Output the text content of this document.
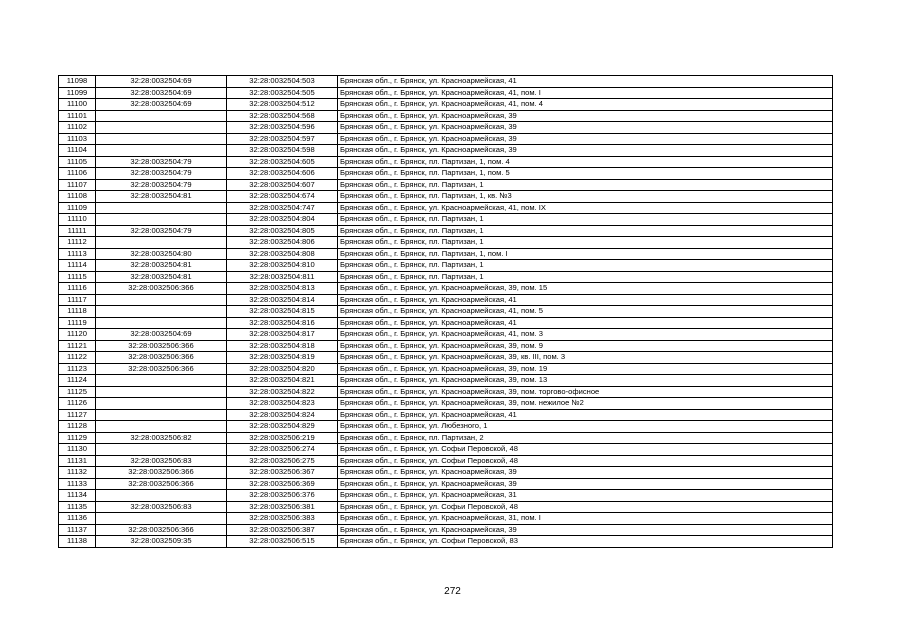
11098	32:28:0032504:69	32:28:0032504:503	Брянская обл., г. Брянск, ул. Красноармейская, 41
11099	32:28:0032504:69	32:28:0032504:505	Брянская обл., г. Брянск, ул. Красноармейская, 41, пом. I
11100	32:28:0032504:69	32:28:0032504:512	Брянская обл., г. Брянск, ул. Красноармейская, 41, пом. 4
11101		32:28:0032504:568	Брянская обл., г. Брянск, ул. Красноармейская, 39
11102		32:28:0032504:596	Брянская обл., г. Брянск, ул. Красноармейская, 39
11103		32:28:0032504:597	Брянская обл., г. Брянск, ул. Красноармейская, 39
11104		32:28:0032504:598	Брянская обл., г. Брянск, ул. Красноармейская, 39
11105	32:28:0032504:79	32:28:0032504:605	Брянская обл., г. Брянск, пл. Партизан, 1, пом. 4
11106	32:28:0032504:79	32:28:0032504:606	Брянская обл., г. Брянск, пл. Партизан, 1, пом. 5
11107	32:28:0032504:79	32:28:0032504:607	Брянская обл., г. Брянск, пл. Партизан, 1
11108	32:28:0032504:81	32:28:0032504:674	Брянская обл., г. Брянск, пл. Партизан, 1, кв. №3
11109		32:28:0032504:747	Брянская обл., г. Брянск, ул. Красноармейская, 41, пом. IX
11110		32:28:0032504:804	Брянская обл., г. Брянск, пл. Партизан, 1
11111	32:28:0032504:79	32:28:0032504:805	Брянская обл., г. Брянск, пл. Партизан, 1
11112		32:28:0032504:806	Брянская обл., г. Брянск, пл. Партизан, 1
11113	32:28:0032504:80	32:28:0032504:808	Брянская обл., г. Брянск, пл. Партизан, 1, пом. I
11114	32:28:0032504:81	32:28:0032504:810	Брянская обл., г. Брянск, пл. Партизан, 1
11115	32:28:0032504:81	32:28:0032504:811	Брянская обл., г. Брянск, пл. Партизан, 1
11116	32:28:0032506:366	32:28:0032504:813	Брянская обл., г. Брянск, ул. Красноармейская, 39, пом. 15
11117		32:28:0032504:814	Брянская обл., г. Брянск, ул. Красноармейская, 41
11118		32:28:0032504:815	Брянская обл., г. Брянск, ул. Красноармейская, 41, пом. 5
11119		32:28:0032504:816	Брянская обл., г. Брянск, ул. Красноармейская, 41
11120	32:28:0032504:69	32:28:0032504:817	Брянская обл., г. Брянск, ул. Красноармейская, 41, пом. 3
11121	32:28:0032506:366	32:28:0032504:818	Брянская обл., г. Брянск, ул. Красноармейская, 39, пом. 9
11122	32:28:0032506:366	32:28:0032504:819	Брянская обл., г. Брянск, ул. Красноармейская, 39, кв. III, пом. 3
11123	32:28:0032506:366	32:28:0032504:820	Брянская обл., г. Брянск, ул. Красноармейская, 39, пом. 19
11124		32:28:0032504:821	Брянская обл., г. Брянск, ул. Красноармейская, 39, пом. 13
11125		32:28:0032504:822	Брянская обл., г. Брянск, ул. Красноармейская, 39, пом. торгово-офисное
11126		32:28:0032504:823	Брянская обл., г. Брянск, ул. Красноармейская, 39, пом. нежилое №2
11127		32:28:0032504:824	Брянская обл., г. Брянск, ул. Красноармейская, 41
11128		32:28:0032504:829	Брянская обл., г. Брянск, ул. Любезного, 1
11129	32:28:0032506:82	32:28:0032506:219	Брянская обл., г. Брянск, пл. Партизан, 2
11130		32:28:0032506:274	Брянская обл., г. Брянск, ул. Софьи Перовской, 48
11131	32:28:0032506:83	32:28:0032506:275	Брянская обл., г. Брянск, ул. Софьи Перовской, 48
11132	32:28:0032506:366	32:28:0032506:367	Брянская обл., г. Брянск, ул. Красноармейская, 39
11133	32:28:0032506:366	32:28:0032506:369	Брянская обл., г. Брянск, ул. Красноармейская, 39
11134		32:28:0032506:376	Брянская обл., г. Брянск, ул. Красноармейская, 31
11135	32:28:0032506:83	32:28:0032506:381	Брянская обл., г. Брянск, ул. Софьи Перовской, 48
11136		32:28:0032506:383	Брянская обл., г. Брянск, ул. Красноармейская, 31, пом. I
11137	32:28:0032506:366	32:28:0032506:387	Брянская обл., г. Брянск, ул. Красноармейская, 39
11138	32:28:0032509:35	32:28:0032506:515	Брянская обл., г. Брянск, ул. Софьи Перовской, 83
272
